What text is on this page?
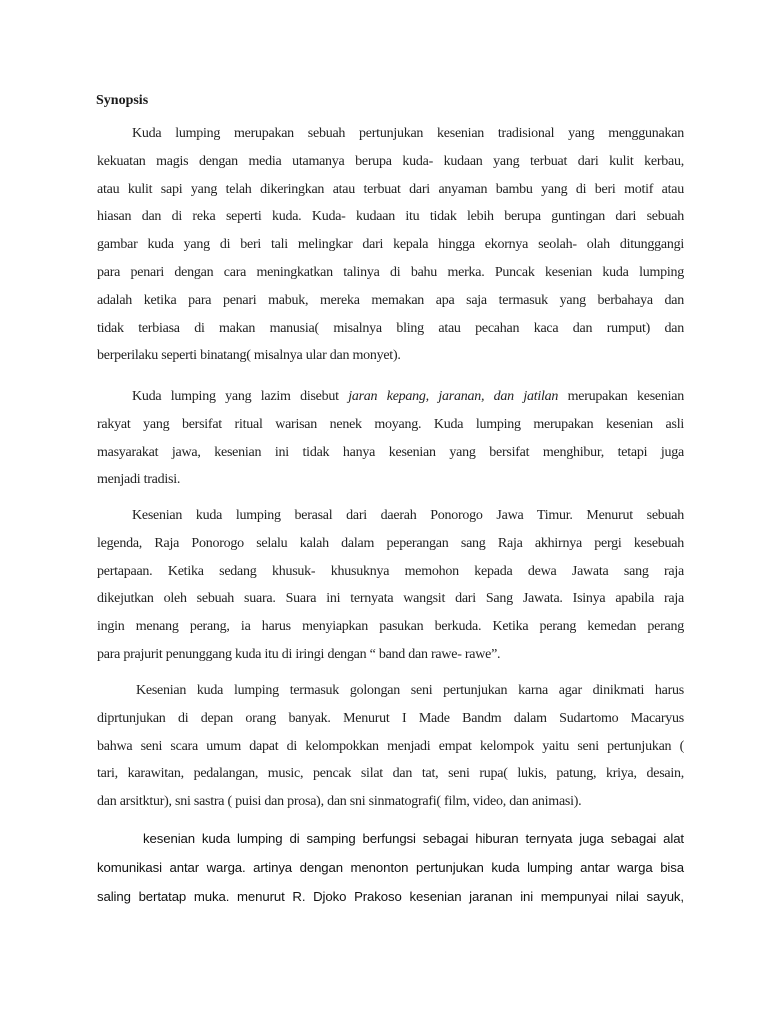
Synopsis
Kuda lumping merupakan sebuah pertunjukan kesenian tradisional yang menggunakan
kekuatan magis dengan media utamanya berupa kuda- kudaan yang terbuat dari kulit kerbau,
atau kulit sapi yang telah dikeringkan atau terbuat dari anyaman bambu yang di beri motif atau
hiasan dan di reka seperti kuda. Kuda- kudaan itu tidak lebih berupa guntingan dari sebuah
gambar kuda yang di beri tali melingkar dari kepala hingga ekornya seolah- olah ditunggangi
para penari dengan cara meningkatkan talinya di bahu merka. Puncak kesenian kuda lumping
adalah ketika para penari mabuk, mereka memakan apa saja termasuk yang berbahaya dan
tidak terbiasa di makan manusia( misalnya bling atau pecahan kaca dan rumput) dan
berperilaku seperti binatang( misalnya ular dan monyet).
Kuda lumping yang lazim disebut jaran kepang, jaranan, dan jatilan merupakan kesenian
rakyat yang bersifat ritual warisan nenek moyang. Kuda lumping merupakan kesenian asli
masyarakat jawa, kesenian ini tidak hanya kesenian yang bersifat menghibur, tetapi juga
menjadi tradisi.
Kesenian kuda lumping berasal dari daerah Ponorogo Jawa Timur. Menurut sebuah
legenda, Raja Ponorogo selalu kalah dalam peperangan sang Raja akhirnya pergi kesebuah
pertapaan. Ketika sedang khusuk- khusuknya memohon kepada dewa Jawata sang raja
dikejutkan oleh sebuah suara. Suara ini ternyata wangsit dari Sang Jawata. Isinya apabila raja
ingin menang perang, ia harus menyiapkan pasukan berkuda. Ketika perang kemedan perang
para prajurit penunggang kuda itu di iringi dengan “ band dan rawe- rawe”.
Kesenian kuda lumping termasuk golongan seni pertunjukan karna agar dinikmati harus
diprtunjukan di depan orang banyak. Menurut I Made Bandm dalam Sudartomo Macaryus
bahwa seni scara umum dapat di kelompokkan menjadi empat kelompok yaitu seni pertunjukan (
tari, karawitan, pedalangan, music, pencak silat dan tat, seni rupa( lukis, patung, kriya, desain,
dan arsitktur), sni sastra ( puisi dan prosa), dan sni sinmatografi( film, video, dan animasi).
kesenian kuda lumping di samping berfungsi sebagai hiburan ternyata juga sebagai alat
komunikasi antar warga. artinya dengan menonton pertunjukan kuda lumping antar warga bisa
saling bertatap muka. menurut R. Djoko Prakoso kesenian jaranan ini mempunyai nilai sayuk,
